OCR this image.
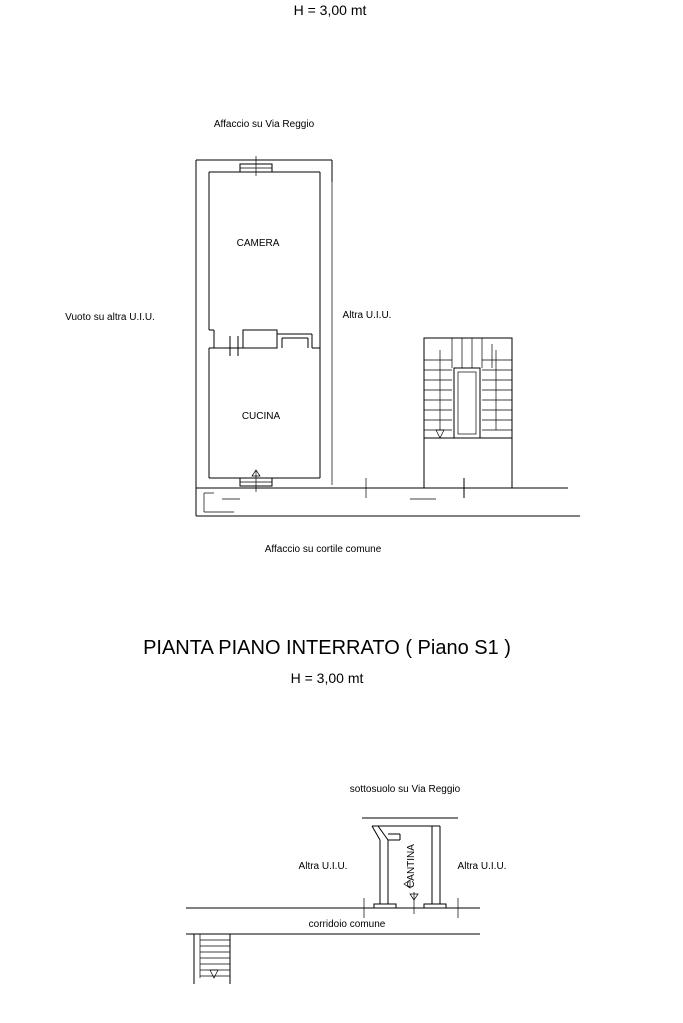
H = 3,00 mt
Affaccio su Via Reggio
Vuoto su altra U.I.U.	Altra U.I.U.
Affaccio su cortile comune
CAMERA
CUCINA
PIANTA PIANO INTERRATO ( Piano S1 )
H = 3,00 mt
sottosuolo su Via Reggio
Altra U.I.U.	Altra U.I.U.
corridoio comune
CANTINA
